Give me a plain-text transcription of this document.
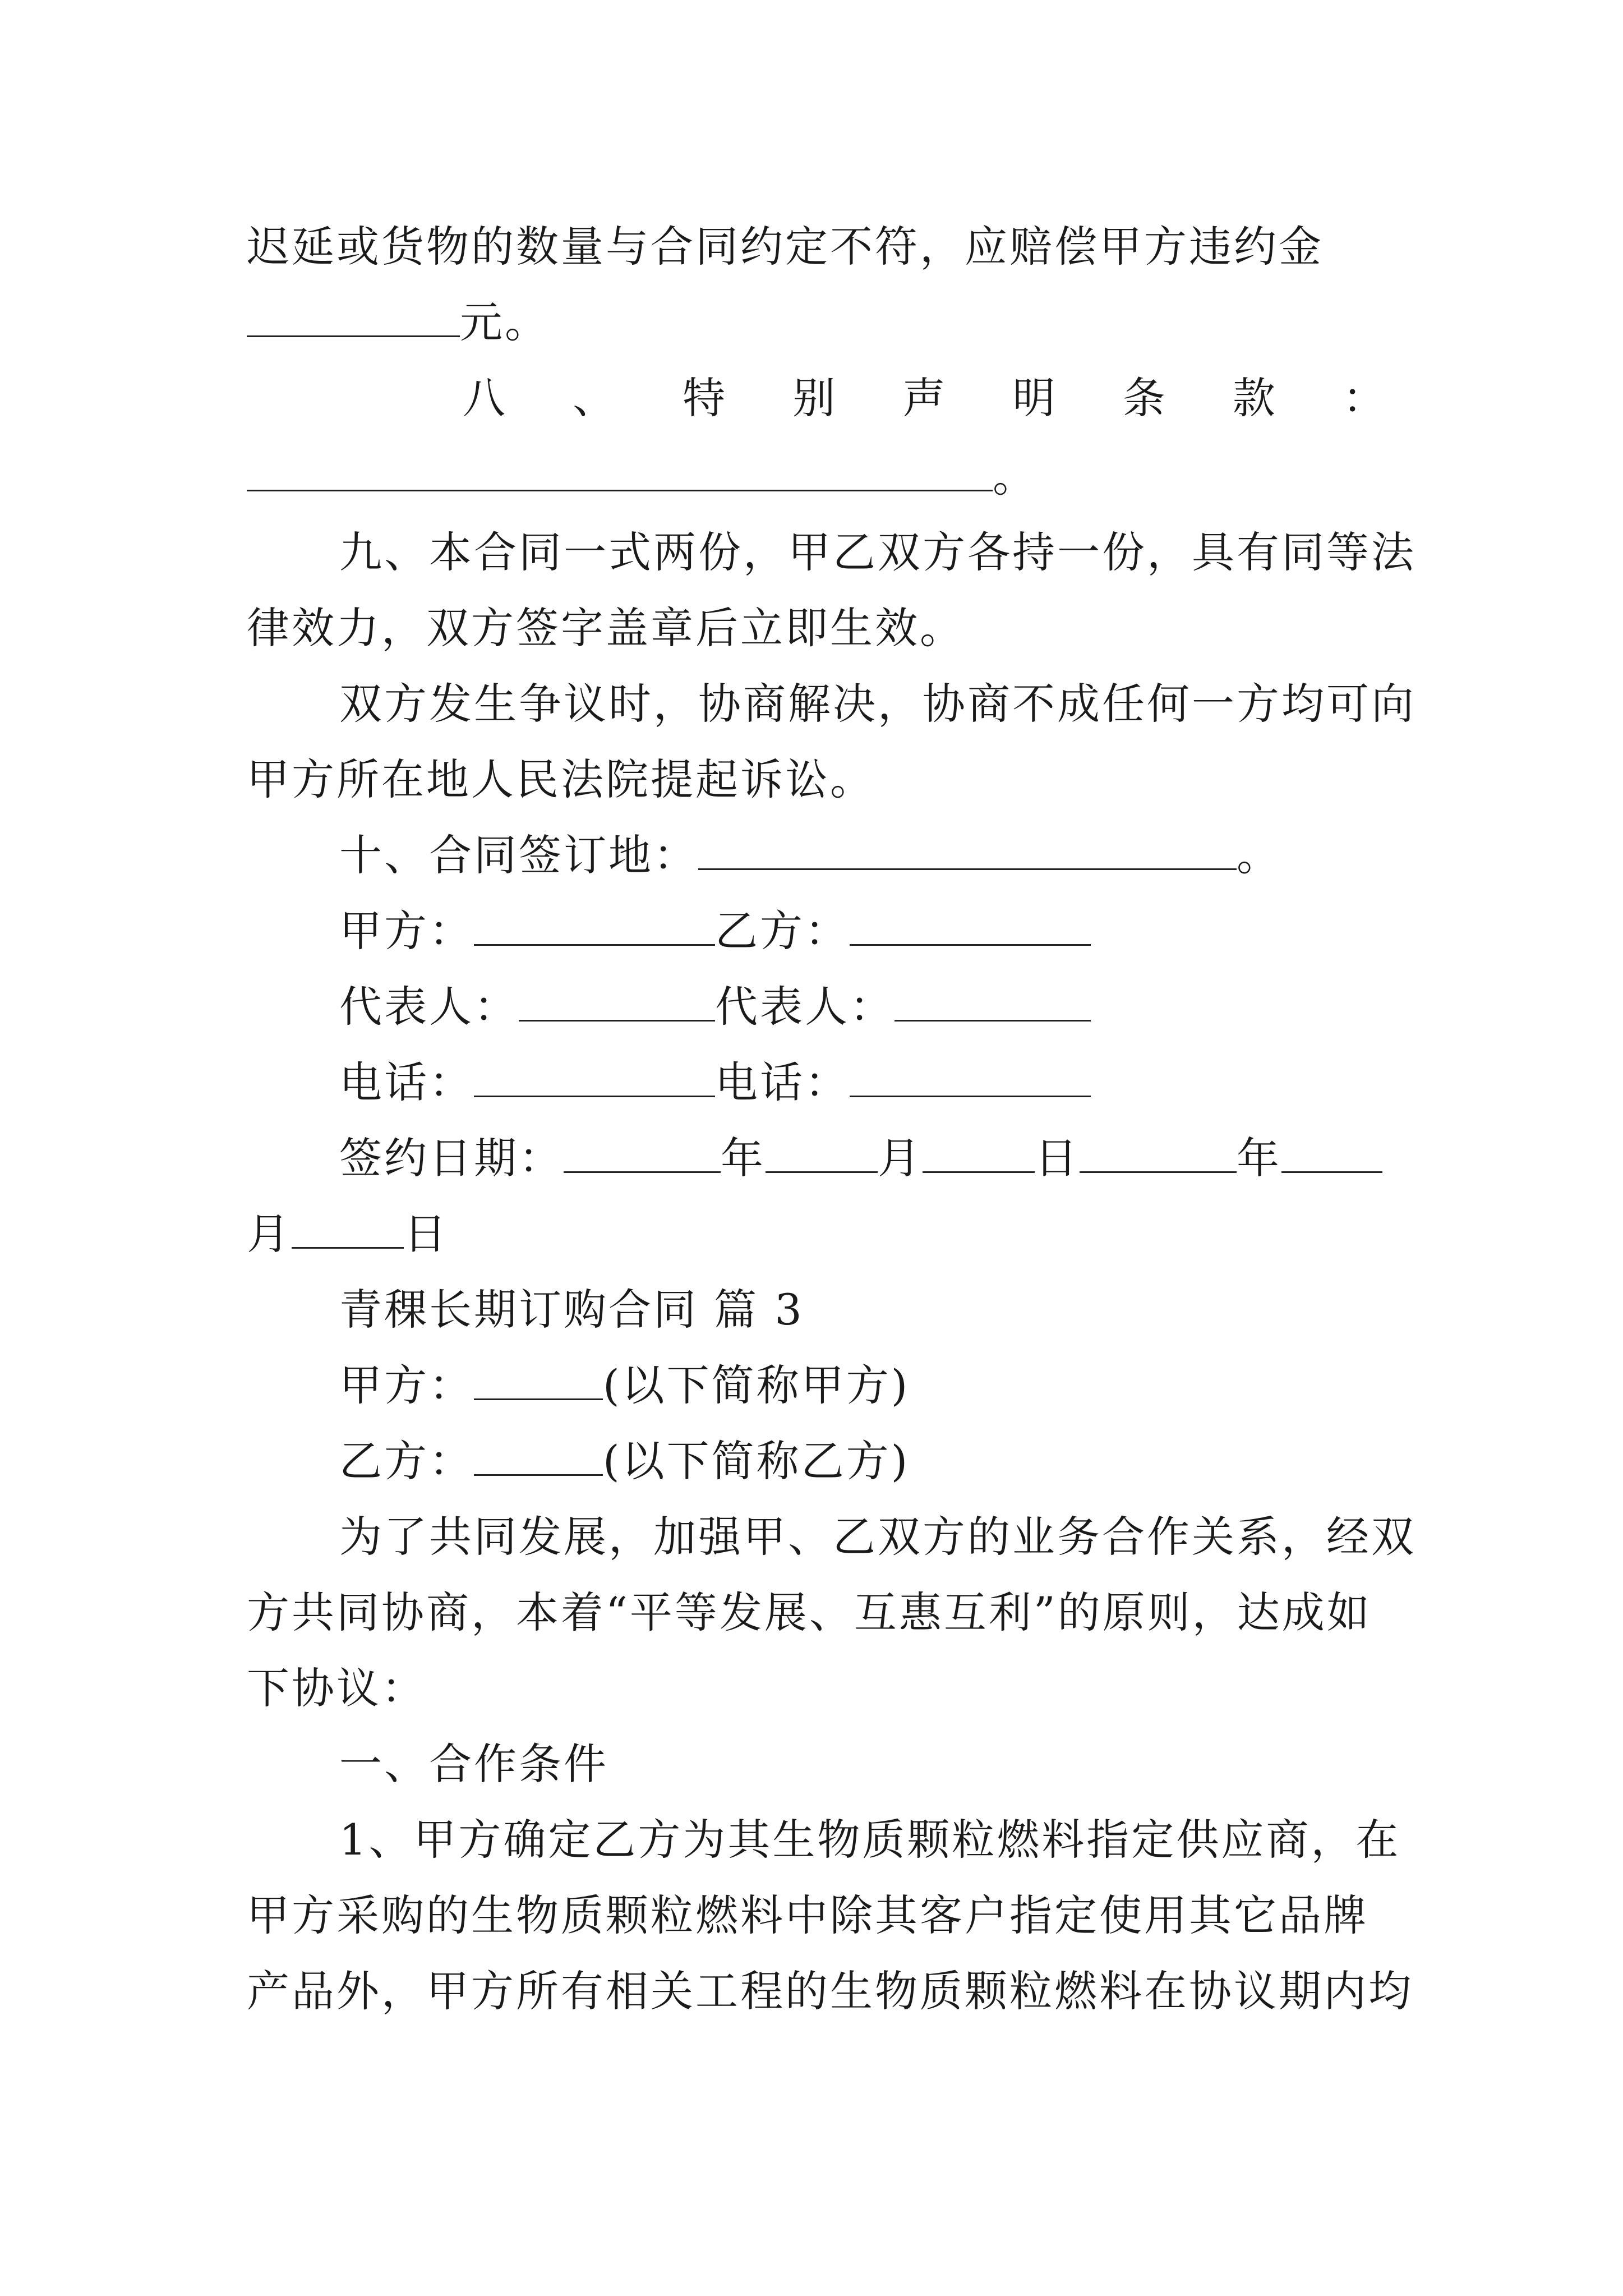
迟延或货物的数量与合同约定不符，应赔偿甲方违约金
元。
八 、 特 别 声 明 条 款 ：
。
九、本合同一式两份，甲乙双方各持一份，具有同等法
律效力，双方签字盖章后立即生效。
双方发生争议时，协商解决，协商不成任何一方均可向
甲方所在地人民法院提起诉讼。
十、合同签订地：	。
甲方：	乙方：
代表人：	代表人：
电话：	电话：
签约日期：	年	月	日	年
月	日
青稞长期订购合同 篇 3
甲方：	(以下简称甲方)
乙方：	(以下简称乙方)
为了共同发展，加强甲、乙双方的业务合作关系，经双
方共同协商，本着“平等发展、互惠互利”的原则，达成如
下协议：
一、合作条件
1、甲方确定乙方为其生物质颗粒燃料指定供应商，在
甲方采购的生物质颗粒燃料中除其客户指定使用其它品牌
产品外，甲方所有相关工程的生物质颗粒燃料在协议期内均
